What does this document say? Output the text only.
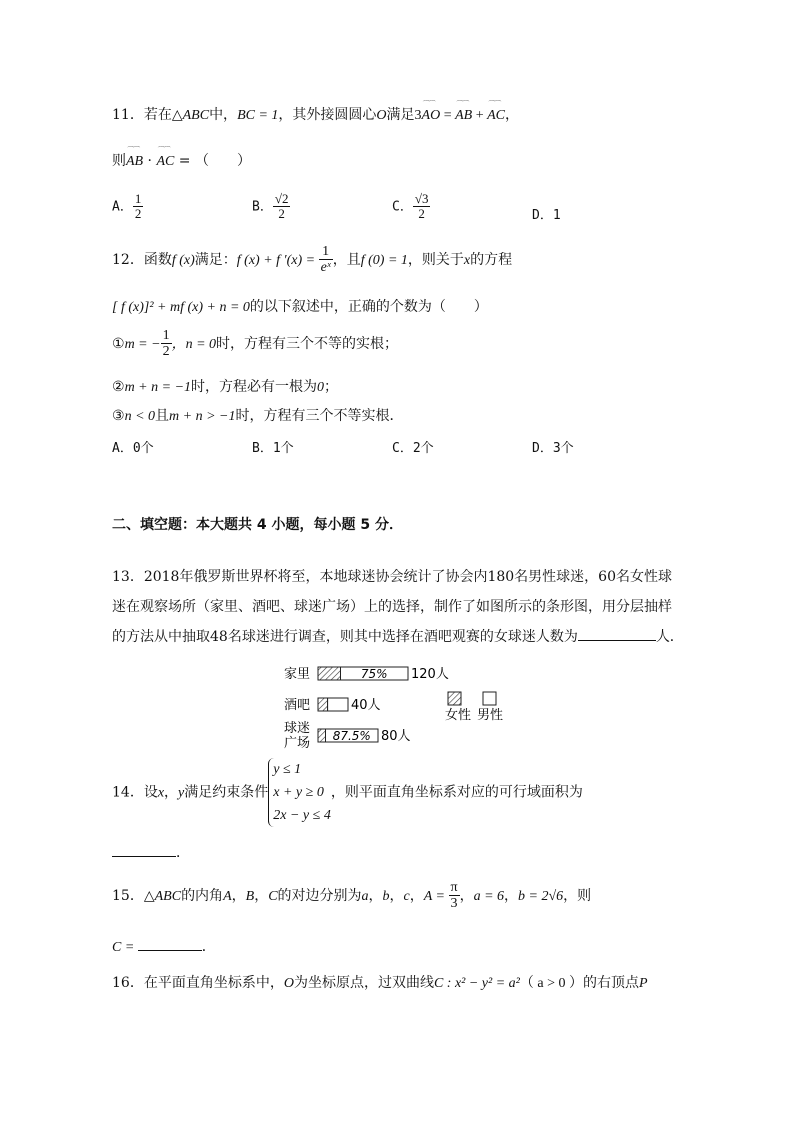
11．若在△ABC中，BC = 1，其外接圆圆心O满足3⌒⌒ AO = ⌒⌒ AB + ⌒⌒ AC，
则⌒⌒ AB · ⌒⌒ AC = （　　）
A． $\frac{1}{2}$	B． $\frac{√2}{2}$	C． $\frac{√3}{2}$	D．1
12．函数f (x)满足：f (x) + f $'(x) = \frac{1}{\text{eˣ}}$ ，且f (0) = 1，则关于x的方程
[ f (x)]² + mf (x) + n = 0的以下叙述中，正确的个数为（　　）
①m = − $\frac{1}{2}$ ，n = 0时，方程有三个不等的实根；
②m + n = −1时，方程必有一根为0；
③n < 0且m + n > −1时，方程有三个不等实根．
A．0个	B．1个	C．2个	D．3个
二、填空题：本大题共 4 小题，每小题 5 分．
13．2018年俄罗斯世界杯将至，本地球迷协会统计了协会内180名男性球迷，60名女性球
迷在观察场所（家里、酒吧、球迷广场）上的选择，制作了如图所示的条形图，用分层抽样
的方法从中抽取48名球迷进行调查，则其中选择在酒吧观赛的女球迷人数为	人．
家里	75% 120人
酒吧	40人
球迷
广场 87.5% 80人
女性 男性
14．设x，y满足约束条件
y ≤ 1
x + y ≥ 0
2x − y ≤ 4
，则平面直角坐标系对应的可行域面积为
．
15．△ABC的内角A，B，C的对边分别为a，b，c，$A = \frac{\pi}{3}$ ，a = 6，b = 2√6，则
C =	．
16．在平面直角坐标系中，O为坐标原点，过双曲线C : x² − y² = a²（ a > 0 ）的右顶点P
